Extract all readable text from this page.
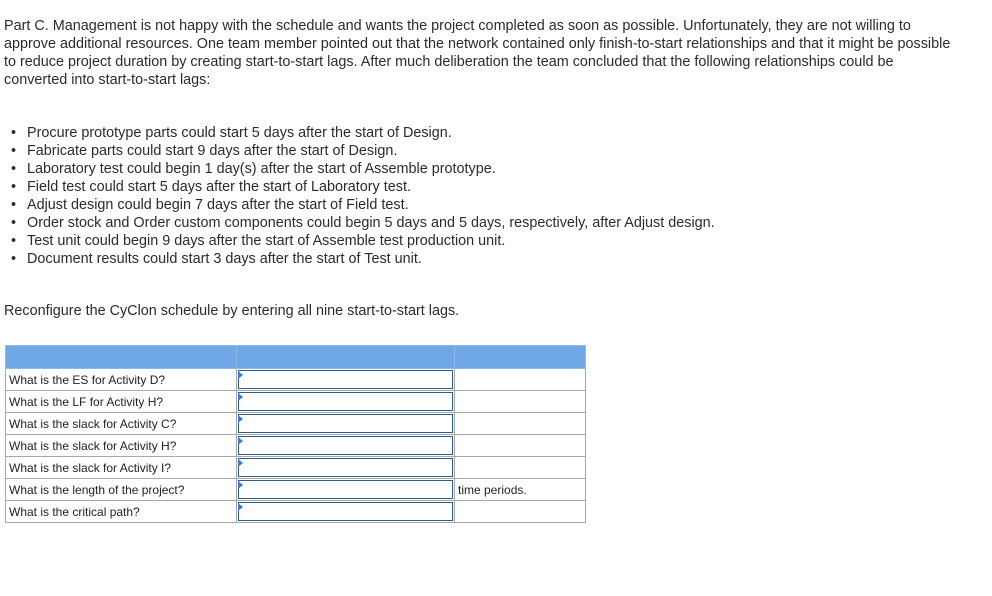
Part C. Management is not happy with the schedule and wants the project completed as soon as possible. Unfortunately, they are not willing to approve additional resources. One team member pointed out that the network contained only finish-to-start relationships and that it might be possible to reduce project duration by creating start-to-start lags. After much deliberation the team concluded that the following relationships could be converted into start-to-start lags:

• Procure prototype parts could start 5 days after the start of Design.
• Fabricate parts could start 9 days after the start of Design.
• Laboratory test could begin 1 day(s) after the start of Assemble prototype.
• Field test could start 5 days after the start of Laboratory test.
• Adjust design could begin 7 days after the start of Field test.
• Order stock and Order custom components could begin 5 days and 5 days, respectively, after Adjust design.
• Test unit could begin 9 days after the start of Assemble test production unit.
• Document results could start 3 days after the start of Test unit.

Reconfigure the CyClon schedule by entering all nine start-to-start lags.

What is the ES for Activity D?	

What is the LF for Activity H?	

What is the slack for Activity C?	

What is the slack for Activity H?	

What is the slack for Activity I?	

What is the length of the project?		time periods.
What is the critical path?	
